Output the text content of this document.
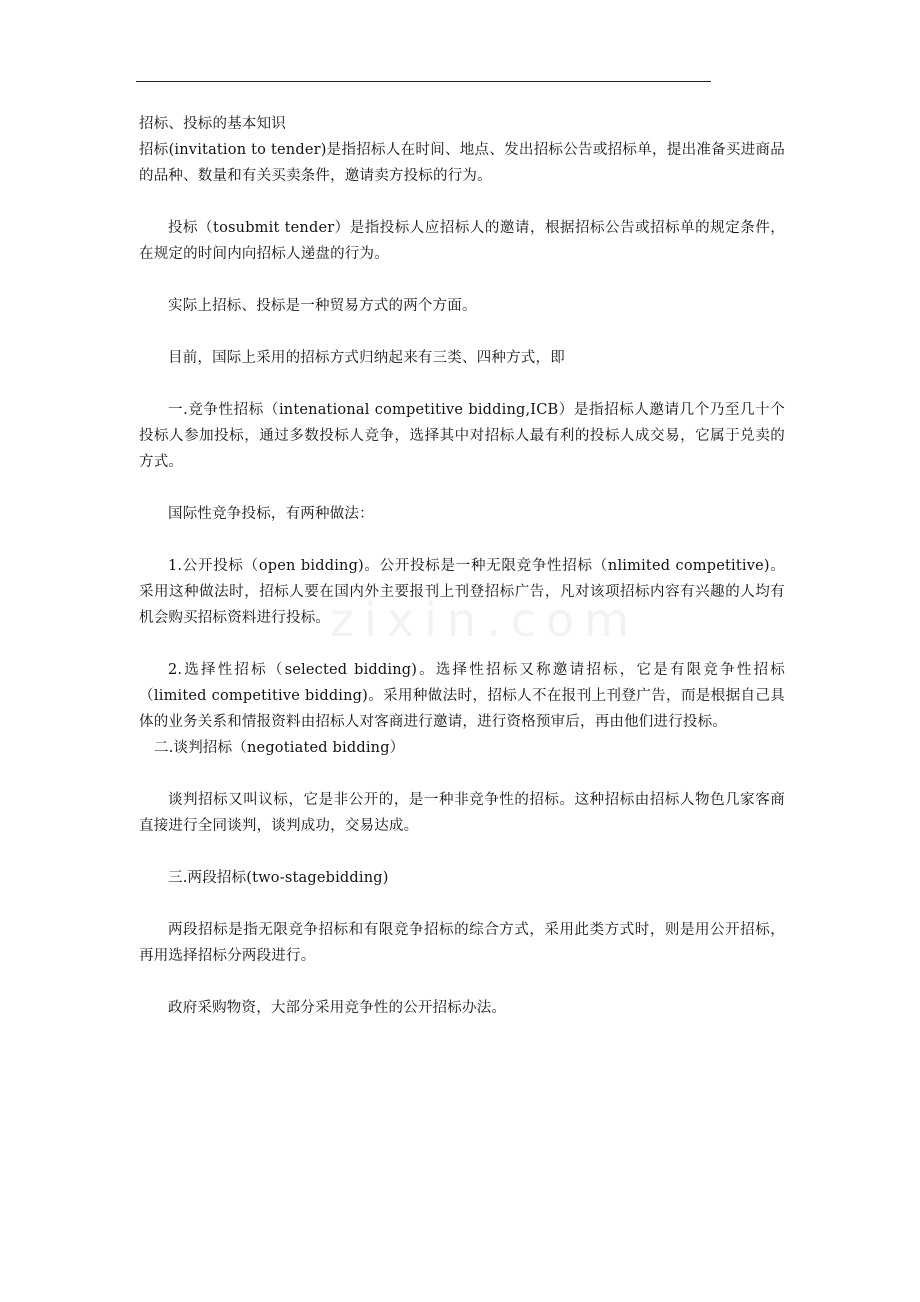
zixin.com

招标、投标的基本知识

招标(invitation to tender)是指招标人在时间、地点、发出招标公告或招标单，提出准备买进商品的品种、数量和有关买卖条件，邀请卖方投标的行为。

投标（tosubmit tender）是指投标人应招标人的邀请，根据招标公告或招标单的规定条件，在规定的时间内向招标人递盘的行为。

实际上招标、投标是一种贸易方式的两个方面。

目前，国际上采用的招标方式归纳起来有三类、四种方式，即

一.竞争性招标（intenational competitive bidding,ICB）是指招标人邀请几个乃至几十个投标人参加投标，通过多数投标人竞争，选择其中对招标人最有利的投标人成交易，它属于兑卖的方式。

国际性竞争投标，有两种做法：

1.公开投标（open bidding)。公开投标是一种无限竞争性招标（nlimited competitive)。采用这种做法时，招标人要在国内外主要报刊上刊登招标广告，凡对该项招标内容有兴趣的人均有机会购买招标资料进行投标。

2.选择性招标（selected bidding)。选择性招标又称邀请招标，它是有限竞争性招标（limited competitive bidding)。采用种做法时，招标人不在报刊上刊登广告，而是根据自己具体的业务关系和情报资料由招标人对客商进行邀请，进行资格预审后，再由他们进行投标。

二.谈判招标（negotiated bidding）

谈判招标又叫议标，它是非公开的，是一种非竞争性的招标。这种招标由招标人物色几家客商直接进行全同谈判，谈判成功，交易达成。

三.两段招标(two-stagebidding)

两段招标是指无限竞争招标和有限竞争招标的综合方式，采用此类方式时，则是用公开招标，再用选择招标分两段进行。

政府采购物资，大部分采用竞争性的公开招标办法。
